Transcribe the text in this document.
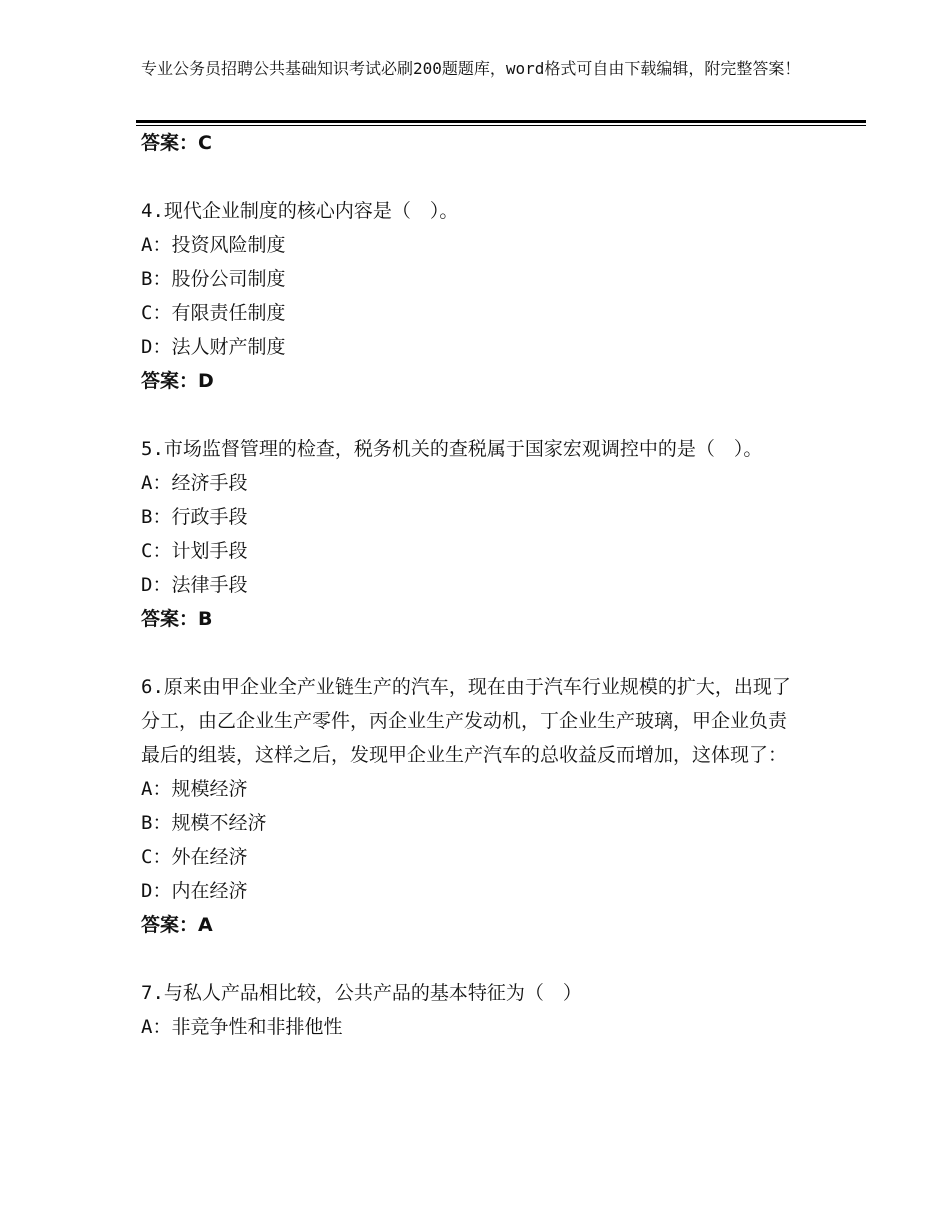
专业公务员招聘公共基础知识考试必刷200题题库，word格式可自由下载编辑，附完整答案！
答案：C
4.现代企业制度的核心内容是（　）。
A：投资风险制度
B：股份公司制度
C：有限责任制度
D：法人财产制度
答案：D
5.市场监督管理的检查，税务机关的查税属于国家宏观调控中的是（　）。
A：经济手段
B：行政手段
C：计划手段
D：法律手段
答案：B
6.原来由甲企业全产业链生产的汽车，现在由于汽车行业规模的扩大，出现了分工，由乙企业生产零件，丙企业生产发动机，丁企业生产玻璃，甲企业负责最后的组装，这样之后，发现甲企业生产汽车的总收益反而增加，这体现了：
A：规模经济
B：规模不经济
C：外在经济
D：内在经济
答案：A
7.与私人产品相比较，公共产品的基本特征为（　）
A：非竞争性和非排他性
